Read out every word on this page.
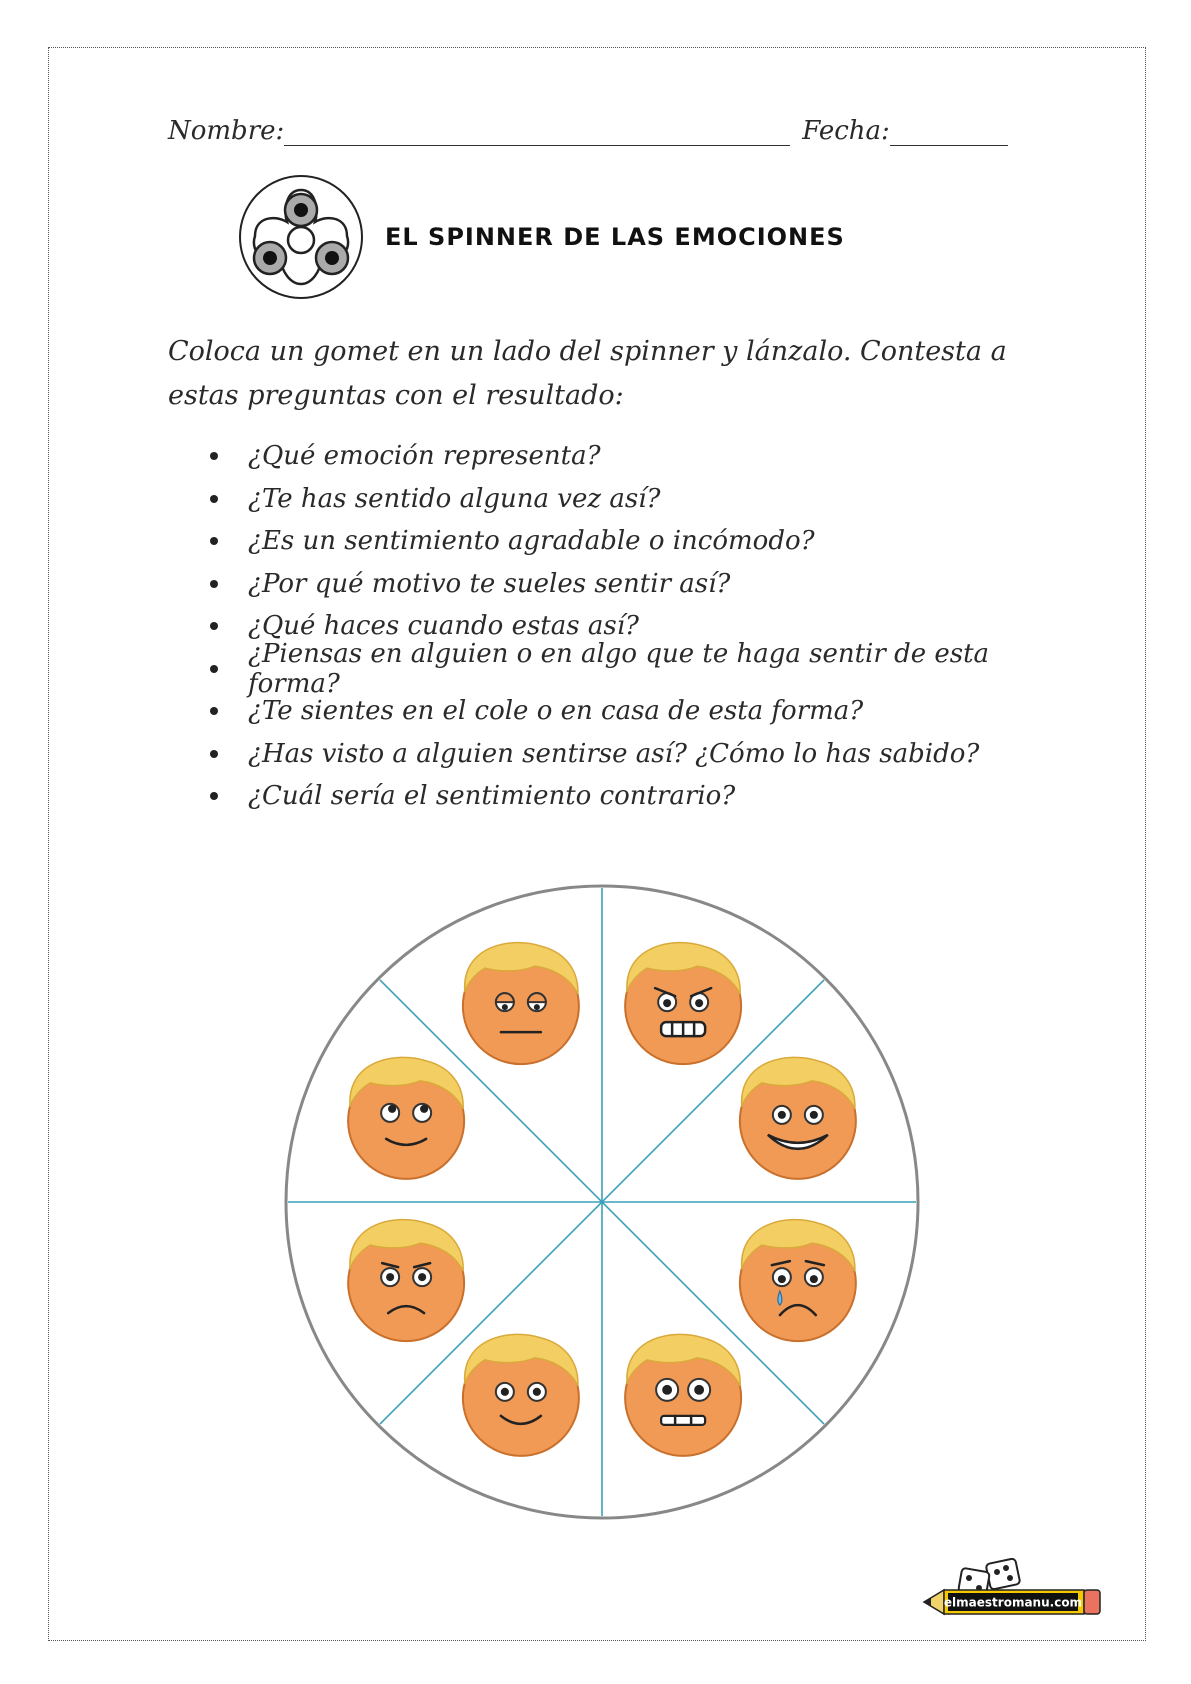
Nombre:	Fecha:
EL SPINNER DE LAS EMOCIONES
Coloca un gomet en un lado del spinner y lánzalo. Contesta a estas preguntas con el resultado:
¿Qué emoción representa?
¿Te has sentido alguna vez así?
¿Es un sentimiento agradable o incómodo?
¿Por qué motivo te sueles sentir así?
¿Qué haces cuando estas así?
¿Piensas en alguien o en algo que te haga sentir de esta forma?
¿Te sientes en el cole o en casa de esta forma?
¿Has visto a alguien sentirse así? ¿Cómo lo has sabido?
¿Cuál sería el sentimiento contrario?
elmaestromanu.com
